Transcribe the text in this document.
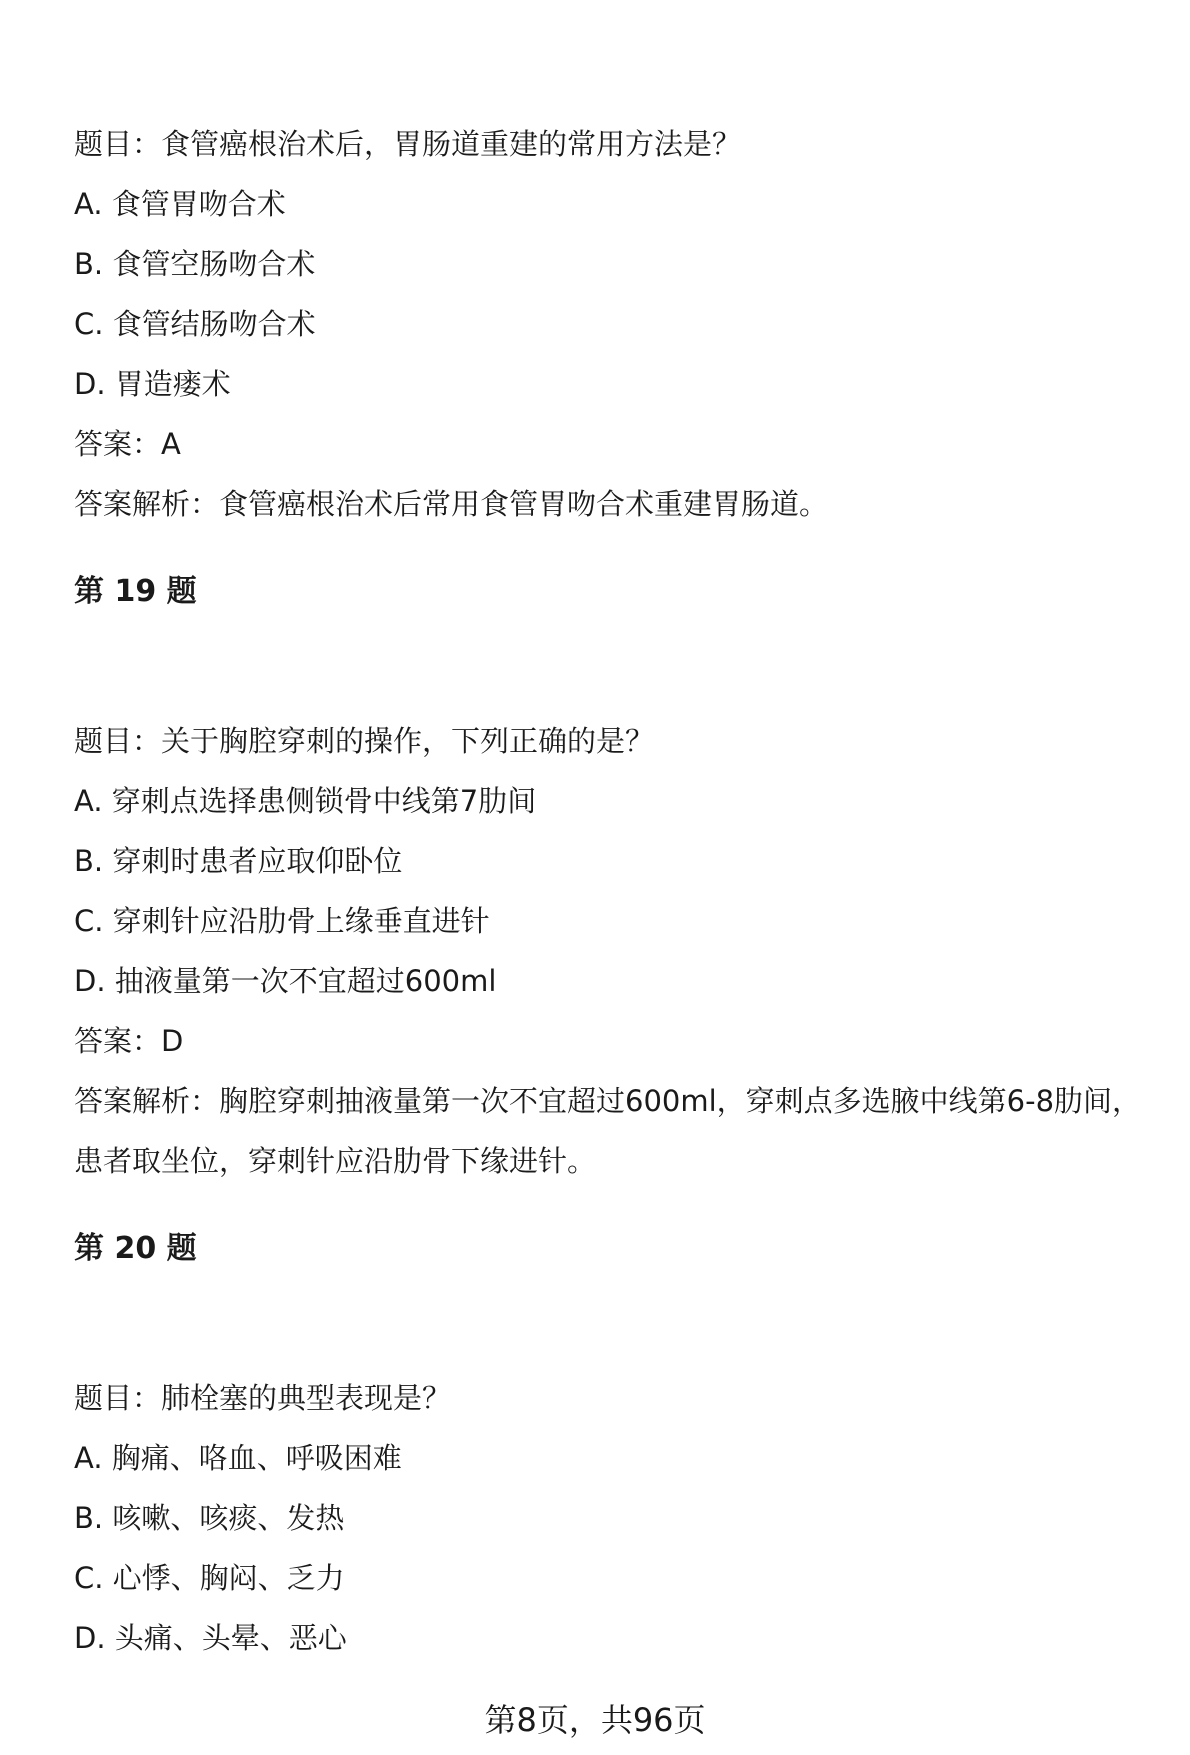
题目：食管癌根治术后，胃肠道重建的常用方法是？

A. 食管胃吻合术

B. 食管空肠吻合术

C. 食管结肠吻合术

D. 胃造瘘术

答案：A

答案解析：食管癌根治术后常用食管胃吻合术重建胃肠道。

第 19 题

题目：关于胸腔穿刺的操作，下列正确的是？

A. 穿刺点选择患侧锁骨中线第7肋间

B. 穿刺时患者应取仰卧位

C. 穿刺针应沿肋骨上缘垂直进针

D. 抽液量第一次不宜超过600ml

答案：D

答案解析：胸腔穿刺抽液量第一次不宜超过600ml，穿刺点多选腋中线第6-8肋间，

患者取坐位，穿刺针应沿肋骨下缘进针。

第 20 题

题目：肺栓塞的典型表现是？

A. 胸痛、咯血、呼吸困难

B. 咳嗽、咳痰、发热

C. 心悸、胸闷、乏力

D. 头痛、头晕、恶心

第8页，共96页
